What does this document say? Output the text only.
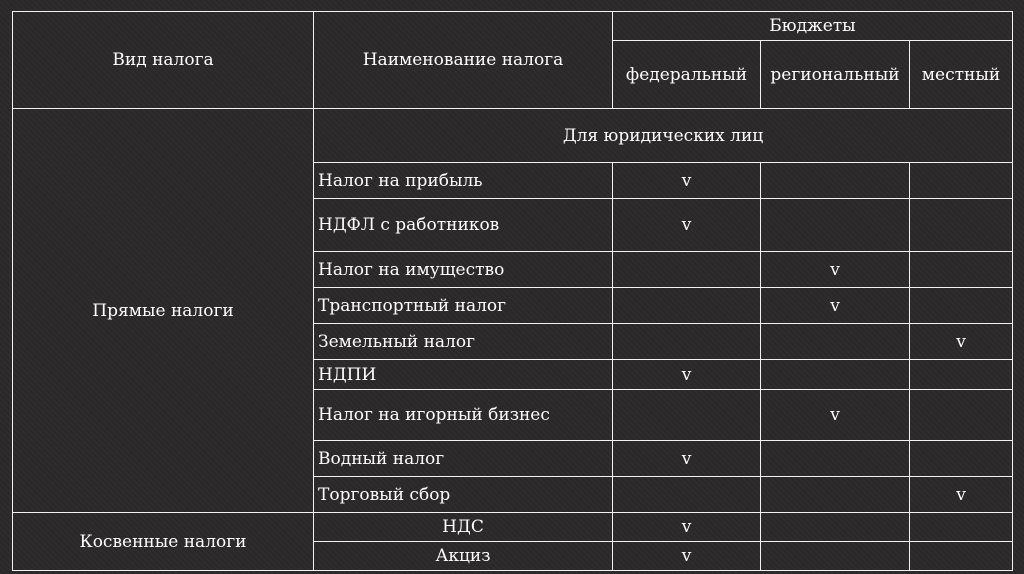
Вид налога	Наименование налога	Бюджеты		
		федеральный	региональный	местный
Прямые налоги	Для юридических лиц			
	Налог на прибыль	v		
	НДФЛ с работников	v		
	Налог на имущество		v	
	Транспортный налог		v	
	Земельный налог			v
	НДПИ	v		
	Налог на игорный бизнес		v	
	Водный налог	v		
	Торговый сбор			v
Косвенные налоги	НДС	v		
	Акциз	v		
